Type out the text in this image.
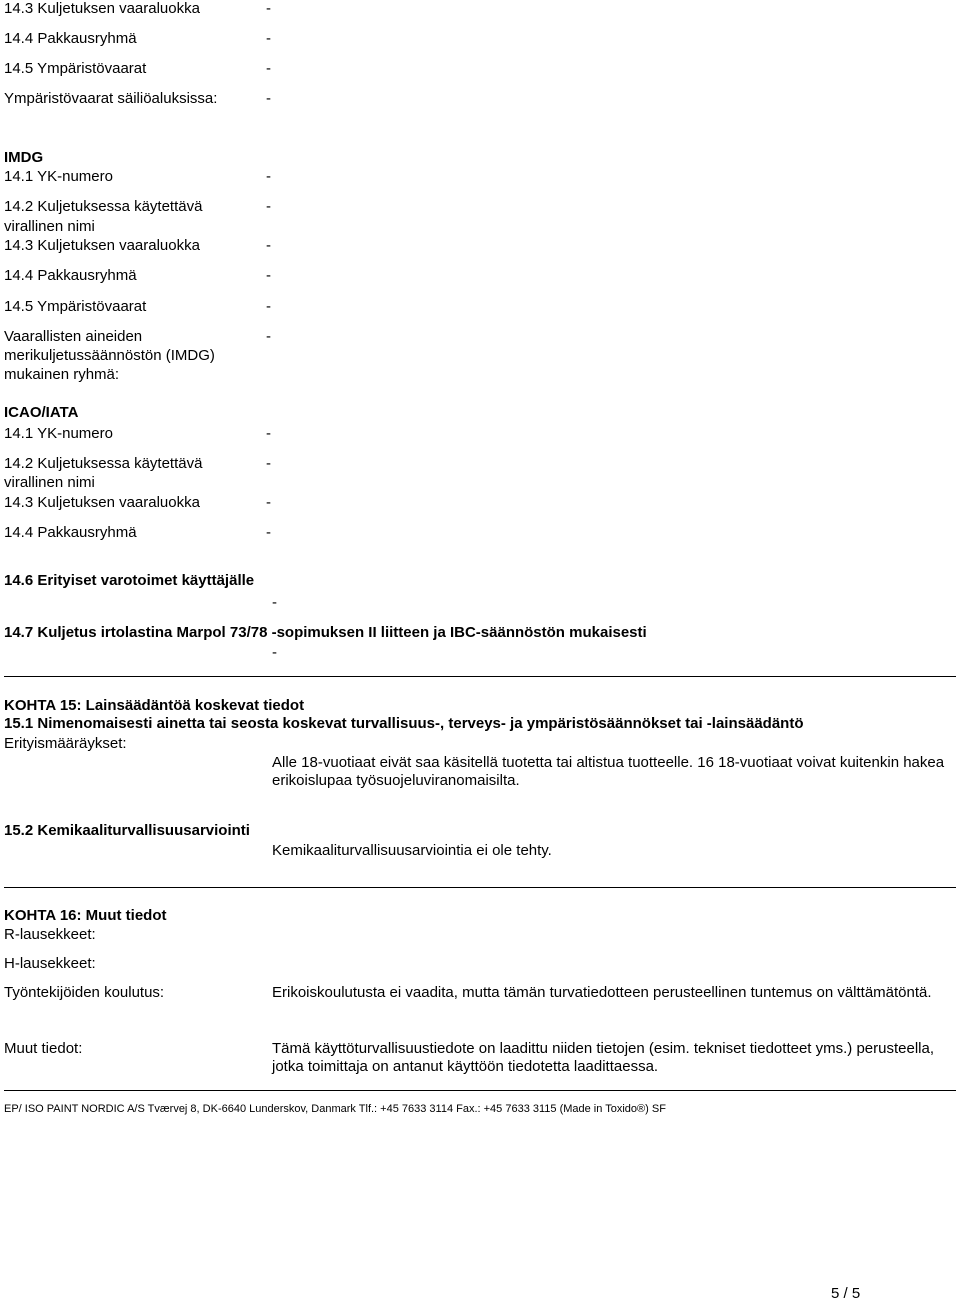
14.3 Kuljetuksen vaaraluokka	-
14.4 Pakkausryhmä	-
14.5 Ympäristövaarat	-
Ympäristövaarat säiliöaluksissa:	-
IMDG
14.1 YK-numero	-
14.2 Kuljetuksessa käytettävä	-
virallinen nimi
14.3 Kuljetuksen vaaraluokka	-
14.4 Pakkausryhmä	-
14.5 Ympäristövaarat	-
Vaarallisten aineiden	-
merikuljetussäännöstön (IMDG)
mukainen ryhmä:
ICAO/IATA
14.1 YK-numero	-
14.2 Kuljetuksessa käytettävä	-
virallinen nimi
14.3 Kuljetuksen vaaraluokka	-
14.4 Pakkausryhmä	-
14.6 Erityiset varotoimet käyttäjälle
-
14.7 Kuljetus irtolastina Marpol 73/78 -sopimuksen II liitteen ja IBC-säännöstön mukaisesti
-
KOHTA 15: Lainsäädäntöä koskevat tiedot
15.1 Nimenomaisesti ainetta tai seosta koskevat turvallisuus-, terveys- ja ympäristösäännökset tai -lainsäädäntö
Erityismääräykset:
Alle 18-vuotiaat eivät saa käsitellä tuotetta tai altistua tuotteelle. 16 18-vuotiaat voivat kuitenkin hakea erikoislupaa työsuojeluviranomaisilta.
15.2 Kemikaaliturvallisuusarviointi
Kemikaaliturvallisuusarviointia ei ole tehty.
KOHTA 16: Muut tiedot
R-lausekkeet:
H-lausekkeet:
Työntekijöiden koulutus:	Erikoiskoulutusta ei vaadita, mutta tämän turvatiedotteen perusteellinen tuntemus on välttämätöntä.
Muut tiedot:	Tämä käyttöturvallisuustiedote on laadittu niiden tietojen (esim. tekniset tiedotteet yms.) perusteella, jotka toimittaja on antanut käyttöön tiedotetta laadittaessa.
EP/ ISO PAINT NORDIC A/S Tværvej 8, DK-6640 Lunderskov, Danmark Tlf.: +45 7633 3114 Fax.: +45 7633 3115 (Made in Toxido®) SF
5 / 5
